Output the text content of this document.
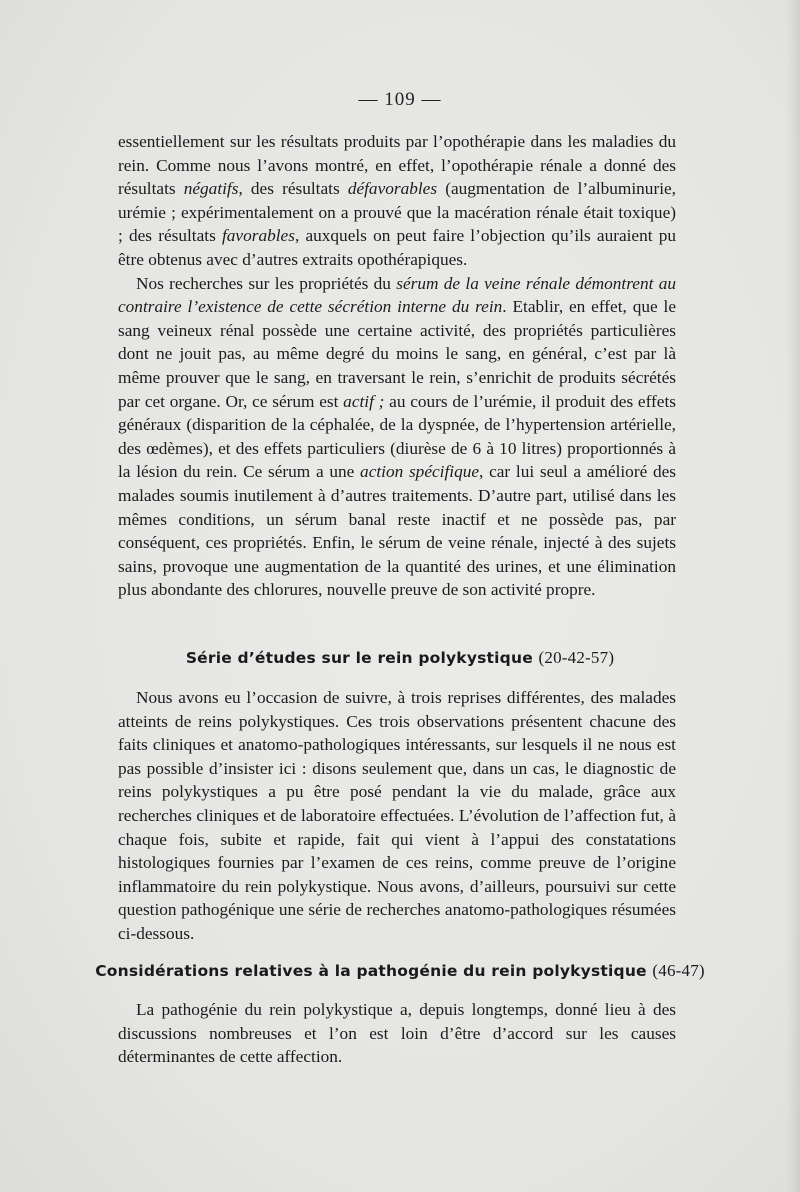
— 109 —

essentiellement sur les résultats produits par l’opothérapie dans les maladies du rein. Comme nous l’avons montré, en effet, l’opothérapie rénale a donné des résultats négatifs, des résultats défavorables (augmentation de l’albuminurie, urémie ; expérimentalement on a prouvé que la macération rénale était toxique) ; des résultats favorables, auxquels on peut faire l’objection qu’ils auraient pu être obtenus avec d’autres extraits opothérapiques.

Nos recherches sur les propriétés du sérum de la veine rénale démontrent au contraire l’existence de cette sécrétion interne du rein. Etablir, en effet, que le sang veineux rénal possède une certaine activité, des propriétés particulières dont ne jouit pas, au même degré du moins le sang, en général, c’est par là même prouver que le sang, en traversant le rein, s’enrichit de produits sécrétés par cet organe. Or, ce sérum est actif ; au cours de l’urémie, il produit des effets généraux (disparition de la céphalée, de la dyspnée, de l’hypertension artérielle, des œdèmes), et des effets particuliers (diurèse de 6 à 10 litres) proportionnés à la lésion du rein. Ce sérum a une action spécifique, car lui seul a amélioré des malades soumis inutilement à d’autres traitements. D’autre part, utilisé dans les mêmes conditions, un sérum banal reste inactif et ne possède pas, par conséquent, ces propriétés. Enfin, le sérum de veine rénale, injecté à des sujets sains, provoque une augmentation de la quantité des urines, et une élimination plus abondante des chlorures, nouvelle preuve de son activité propre.

Série d’études sur le rein polykystique (20-42-57)

Nous avons eu l’occasion de suivre, à trois reprises différentes, des malades atteints de reins polykystiques. Ces trois observations présentent chacune des faits cliniques et anatomo-pathologiques intéressants, sur lesquels il ne nous est pas possible d’insister ici : disons seulement que, dans un cas, le diagnostic de reins polykystiques a pu être posé pendant la vie du malade, grâce aux recherches cliniques et de laboratoire effectuées. L’évolution de l’affection fut, à chaque fois, subite et rapide, fait qui vient à l’appui des constatations histologiques fournies par l’examen de ces reins, comme preuve de l’origine inflammatoire du rein polykystique. Nous avons, d’ailleurs, poursuivi sur cette question pathogénique une série de recherches anatomo-pathologiques résumées ci-dessous.

Considérations relatives à la pathogénie du rein polykystique (46-47)

La pathogénie du rein polykystique a, depuis longtemps, donné lieu à des discussions nombreuses et l’on est loin d’être d’accord sur les causes déterminantes de cette affection.
